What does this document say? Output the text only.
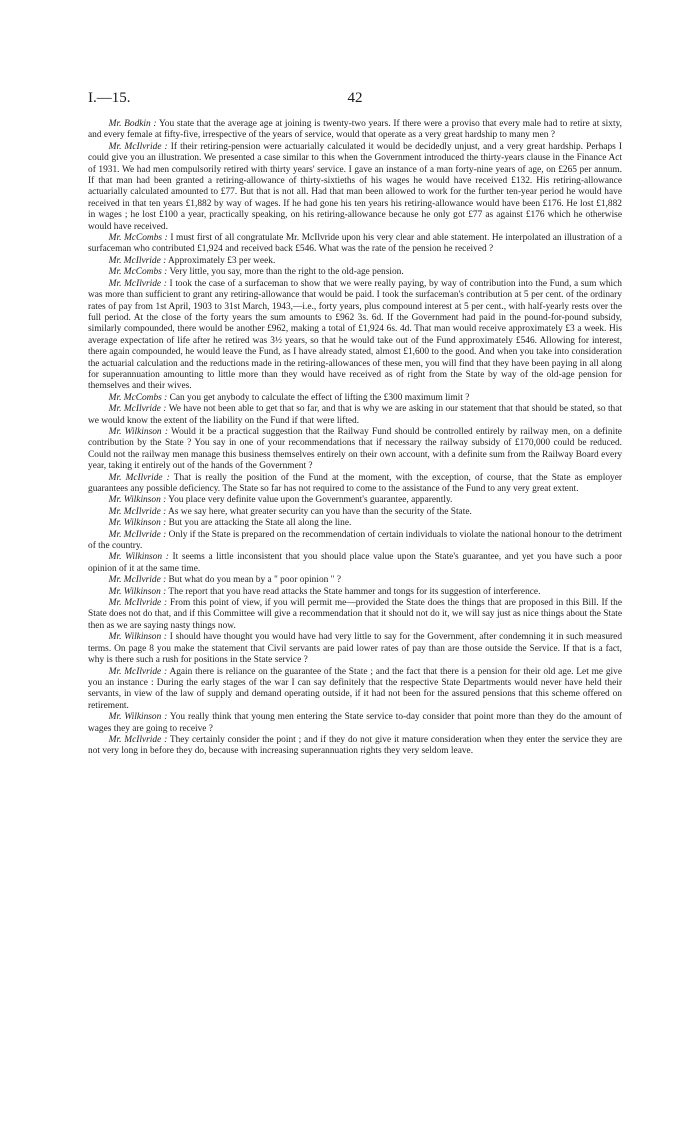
I.—15.	42

Mr. Bodkin : You state that the average age at joining is twenty-two years. If there were a proviso that every male had to retire at sixty, and every female at fifty-five, irrespective of the years of service, would that operate as a very great hardship to many men ?

Mr. McIlvride : If their retiring-pension were actuarially calculated it would be decidedly unjust, and a very great hardship. Perhaps I could give you an illustration. We presented a case similar to this when the Government introduced the thirty-years clause in the Finance Act of 1931. We had men compulsorily retired with thirty years' service. I gave an instance of a man forty-nine years of age, on £265 per annum. If that man had been granted a retiring-allowance of thirty-sixtieths of his wages he would have received £132. His retiring-allowance actuarially calculated amounted to £77. But that is not all. Had that man been allowed to work for the further ten-year period he would have received in that ten years £1,882 by way of wages. If he had gone his ten years his retiring-allowance would have been £176. He lost £1,882 in wages ; he lost £100 a year, practically speaking, on his retiring-allowance because he only got £77 as against £176 which he otherwise would have received.

Mr. McCombs : I must first of all congratulate Mr. McIlvride upon his very clear and able statement. He interpolated an illustration of a surfaceman who contributed £1,924 and received back £546. What was the rate of the pension he received ?

Mr. McIlvride : Approximately £3 per week.

Mr. McCombs : Very little, you say, more than the right to the old-age pension.

Mr. McIlvride : I took the case of a surfaceman to show that we were really paying, by way of contribution into the Fund, a sum which was more than sufficient to grant any retiring-allowance that would be paid. I took the surfaceman's contribution at 5 per cent. of the ordinary rates of pay from 1st April, 1903 to 31st March, 1943,—i.e., forty years, plus compound interest at 5 per cent., with half-yearly rests over the full period. At the close of the forty years the sum amounts to £962 3s. 6d. If the Government had paid in the pound-for-pound subsidy, similarly compounded, there would be another £962, making a total of £1,924 6s. 4d. That man would receive approximately £3 a week. His average expectation of life after he retired was 3½ years, so that he would take out of the Fund approximately £546. Allowing for interest, there again compounded, he would leave the Fund, as I have already stated, almost £1,600 to the good. And when you take into consideration the actuarial calculation and the reductions made in the retiring-allowances of these men, you will find that they have been paying in all along for superannuation amounting to little more than they would have received as of right from the State by way of the old-age pension for themselves and their wives.

Mr. McCombs : Can you get anybody to calculate the effect of lifting the £300 maximum limit ?

Mr. McIlvride : We have not been able to get that so far, and that is why we are asking in our statement that that should be stated, so that we would know the extent of the liability on the Fund if that were lifted.

Mr. Wilkinson : Would it be a practical suggestion that the Railway Fund should be controlled entirely by railway men, on a definite contribution by the State ? You say in one of your recommendations that if necessary the railway subsidy of £170,000 could be reduced. Could not the railway men manage this business themselves entirely on their own account, with a definite sum from the Railway Board every year, taking it entirely out of the hands of the Government ?

Mr. McIlvride : That is really the position of the Fund at the moment, with the exception, of course, that the State as employer guarantees any possible deficiency. The State so far has not required to come to the assistance of the Fund to any very great extent.

Mr. Wilkinson : You place very definite value upon the Government's guarantee, apparently.

Mr. McIlvride : As we say here, what greater security can you have than the security of the State.

Mr. Wilkinson : But you are attacking the State all along the line.

Mr. McIlvride : Only if the State is prepared on the recommendation of certain individuals to violate the national honour to the detriment of the country.

Mr. Wilkinson : It seems a little inconsistent that you should place value upon the State's guarantee, and yet you have such a poor opinion of it at the same time.

Mr. McIlvride : But what do you mean by a " poor opinion " ?

Mr. Wilkinson : The report that you have read attacks the State hammer and tongs for its suggestion of interference.

Mr. McIlvride : From this point of view, if you will permit me—provided the State does the things that are proposed in this Bill. If the State does not do that, and if this Committee will give a recommendation that it should not do it, we will say just as nice things about the State then as we are saying nasty things now.

Mr. Wilkinson : I should have thought you would have had very little to say for the Government, after condemning it in such measured terms. On page 8 you make the statement that Civil servants are paid lower rates of pay than are those outside the Service. If that is a fact, why is there such a rush for positions in the State service ?

Mr. McIlvride : Again there is reliance on the guarantee of the State ; and the fact that there is a pension for their old age. Let me give you an instance : During the early stages of the war I can say definitely that the respective State Departments would never have held their servants, in view of the law of supply and demand operating outside, if it had not been for the assured pensions that this scheme offered on retirement.

Mr. Wilkinson : You really think that young men entering the State service to-day consider that point more than they do the amount of wages they are going to receive ?

Mr. McIlvride : They certainly consider the point ; and if they do not give it mature consideration when they enter the service they are not very long in before they do, because with increasing superannuation rights they very seldom leave.
